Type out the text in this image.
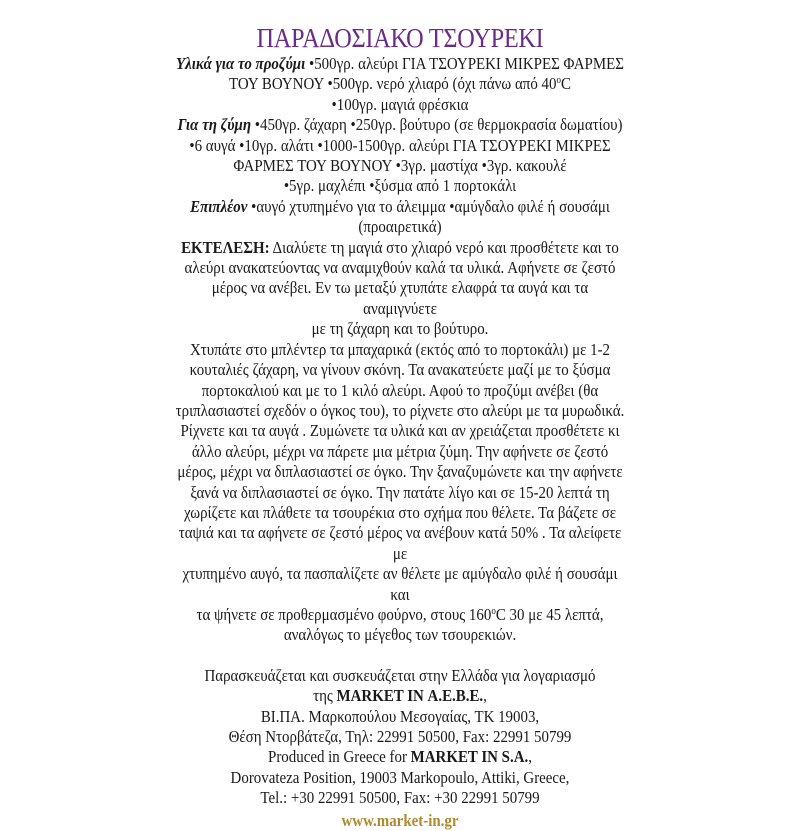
ΠΑΡΑΔΟΣΙΑΚΟ ΤΣΟΥΡΕΚΙ

Υλικά για το προζύμι •500γρ. αλεύρι ΓΙΑ ΤΣΟΥΡΕΚΙ ΜΙΚΡΕΣ ΦΑΡΜΕΣ

ΤΟΥ ΒΟΥΝΟΥ •500γρ. νερό χλιαρό (όχι πάνω από 40$^o$C

•100γρ. μαγιά φρέσκια

Για τη ζύμη •450γρ. ζάχαρη •250γρ. βούτυρο (σε θερμοκρασία δωματίου)

•6 αυγά •10γρ. αλάτι •1000-1500γρ. αλεύρι ΓΙΑ ΤΣΟΥΡΕΚΙ ΜΙΚΡΕΣ

ΦΑΡΜΕΣ ΤΟΥ ΒΟΥΝΟΥ •3γρ. μαστίχα •3γρ. κακουλέ

•5γρ. μαχλέπι •ξύσμα από 1 πορτοκάλι

Επιπλέον •αυγό χτυπημένο για το άλειμμα •αμύγδαλο φιλέ ή σουσάμι

(προαιρετικά)

ΕΚΤΕΛΕΣΗ: Διαλύετε τη μαγιά στο χλιαρό νερό και προσθέτετε και το

αλεύρι ανακατεύοντας να αναμιχθούν καλά τα υλικά. Αφήνετε σε ζεστό

μέρος να ανέβει. Εν τω μεταξύ χτυπάτε ελαφρά τα αυγά και τα αναμιγνύετε

με τη ζάχαρη και το βούτυρο.

Χτυπάτε στο μπλέντερ τα μπαχαρικά (εκτός από το πορτοκάλι) με 1-2

κουταλιές ζάχαρη, να γίνουν σκόνη. Τα ανακατεύετε μαζί με το ξύσμα

πορτοκαλιού και με το 1 κιλό αλεύρι. Αφού το προζύμι ανέβει (θα

τριπλασιαστεί σχεδόν ο όγκος του), το ρίχνετε στο αλεύρι με τα μυρωδικά.

Ρίχνετε και τα αυγά . Ζυμώνετε τα υλικά και αν χρειάζεται προσθέτετε κι

άλλο αλεύρι, μέχρι να πάρετε μια μέτρια ζύμη. Την αφήνετε σε ζεστό

μέρος, μέχρι να διπλασιαστεί σε όγκο. Την ξαναζυμώνετε και την αφήνετε

ξανά να διπλασιαστεί σε όγκο. Την πατάτε λίγο και σε 15-20 λεπτά τη

χωρίζετε και πλάθετε τα τσουρέκια στο σχήμα που θέλετε. Τα βάζετε σε

ταψιά και τα αφήνετε σε ζεστό μέρος να ανέβουν κατά 50% . Τα αλείφετε με

χτυπημένο αυγό, τα πασπαλίζετε αν θέλετε με αμύγδαλο φιλέ ή σουσάμι και

τα ψήνετε σε προθερμασμένο φούρνο, στους 160$^o$C 30 με 45 λεπτά,

αναλόγως το μέγεθος των τσουρεκιών.

Παρασκευάζεται και συσκευάζεται στην Ελλάδα για λογαριασμό

της MARKET IN Α.Ε.Β.Ε.,

ΒΙ.ΠΑ. Μαρκοπούλου Μεσογαίας, ΤΚ 19003,

Θέση Ντορβάτεζα, Τηλ: 22991 50500, Fax: 22991 50799

Produced in Greece for MARKET IN S.A.,

Dorovateza Position, 19003 Markopoulo, Attiki, Greece,

Tel.: +30 22991 50500, Fax: +30 22991 50799

www.market-in.gr
